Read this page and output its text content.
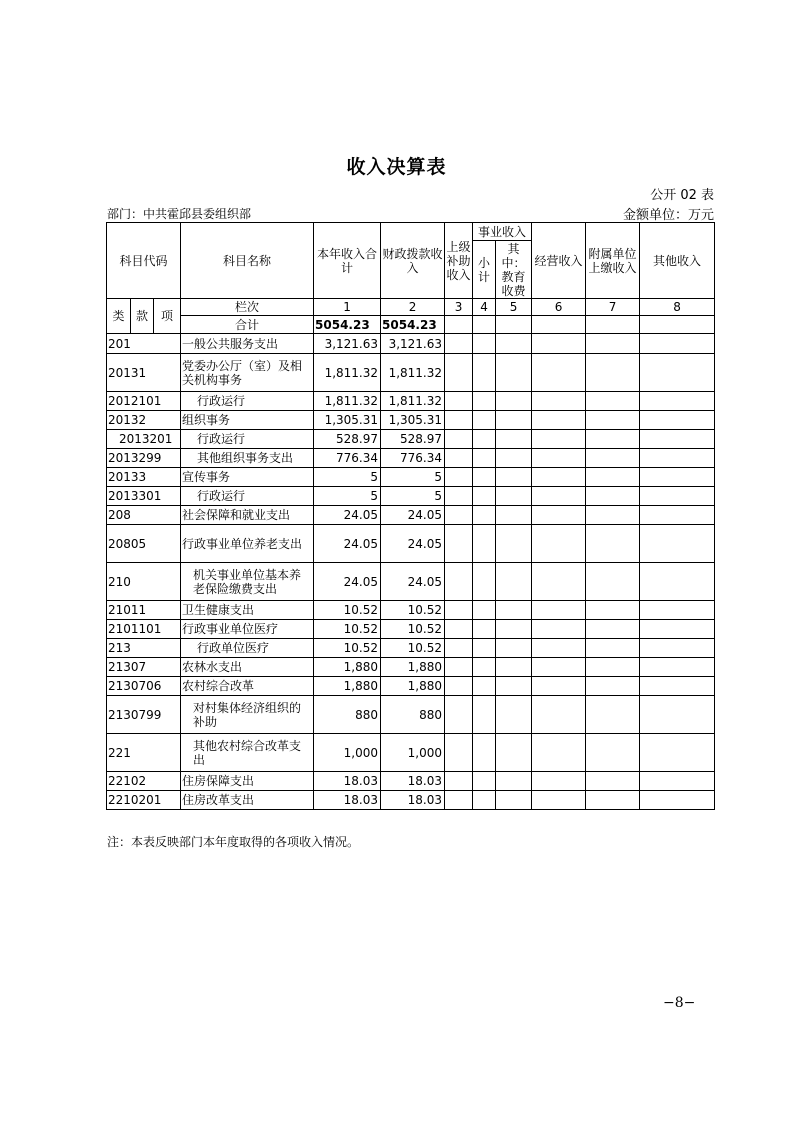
收入决算表
公开 02 表
部门：中共霍邱县委组织部	金额单位：万元
科目代码			科目名称	本年收入合计	财政拨款收入	上级补助收入	事业收入		经营收入	附属单位上缴收入	其他收入
							小计	其中：教育收费			

类	款	项	栏次	1	2	3	4	5	6	7	8
			合计	5054.23	5054.23						
201			一般公共服务支出	3,121.63	3,121.63						
20131			党委办公厅（室）及相关机构事务	1,811.32	1,811.32						
2012101			行政运行	1,811.32	1,811.32						
20132			组织事务	1,305.31	1,305.31						
2013201			行政运行	528.97	528.97						
2013299			其他组织事务支出	776.34	776.34						
20133			宣传事务	5	5						
2013301			行政运行	5	5						
208			社会保障和就业支出	24.05	24.05						
20805			行政事业单位养老支出	24.05	24.05						
210			机关事业单位基本养老保险缴费支出	24.05	24.05						
21011			卫生健康支出	10.52	10.52						
2101101			行政事业单位医疗	10.52	10.52						
213			行政单位医疗	10.52	10.52						
21307			农林水支出	1,880	1,880						
2130706			农村综合改革	1,880	1,880						
2130799			对村集体经济组织的补助	880	880						
221			其他农村综合改革支出	1,000	1,000						
22102			住房保障支出	18.03	18.03						
2210201			住房改革支出	18.03	18.03						
注：本表反映部门本年度取得的各项收入情况。
−8−
